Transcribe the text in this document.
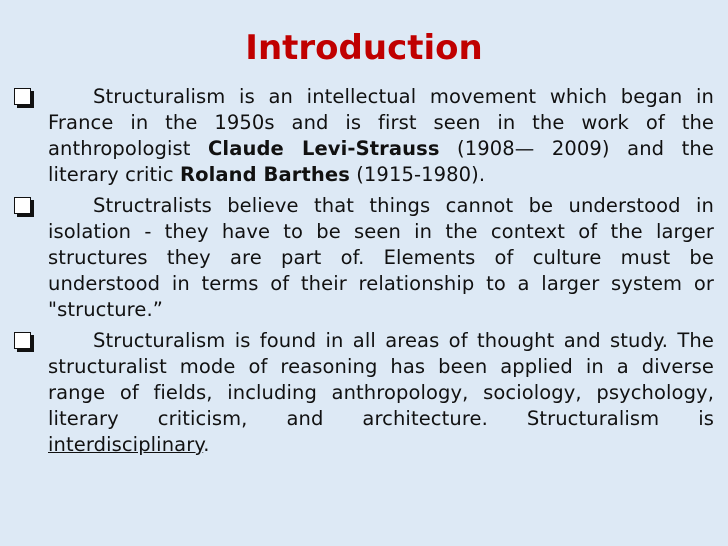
Introduction

Structuralism is an intellectual movement which began in France in the 1950s and is first seen in the work of the anthropologist Claude Levi-Strauss (1908— 2009) and the literary critic Roland Barthes (1915-1980).

Structralists believe that things cannot be understood in isolation - they have to be seen in the context of the larger structures they are part of. Elements of culture must be understood in terms of their relationship to a larger system or "structure.”

Structuralism is found in all areas of thought and study. The structuralist mode of reasoning has been applied in a diverse range of fields, including anthropology, sociology, psychology, literary criticism, and architecture. Structuralism is interdisciplinary.
